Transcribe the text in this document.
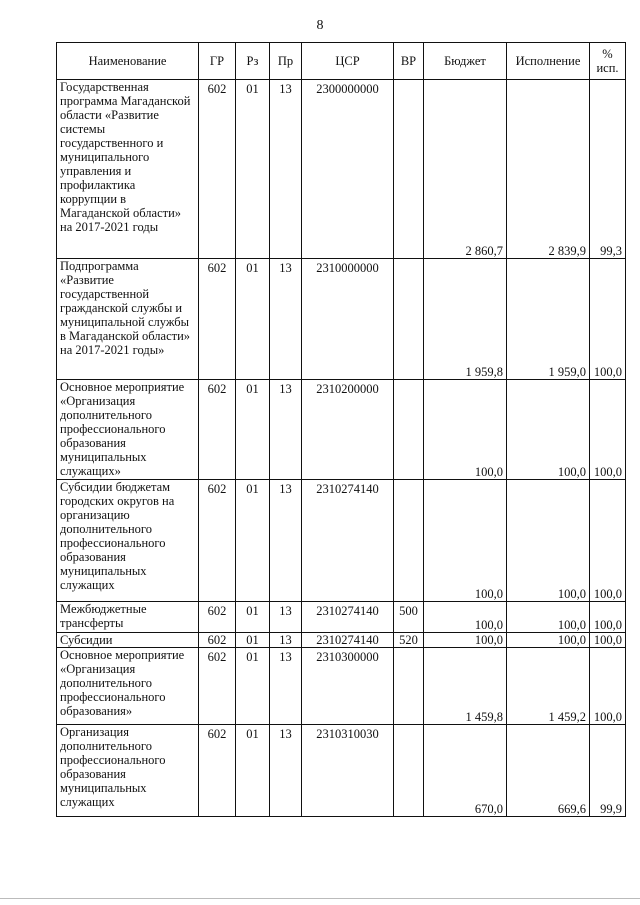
8
Наименование	ГР	Рз	Пр	ЦСР	ВР	Бюджет	Исполнение	% исп.
Государственная программа Магаданской области «Развитие системы государственного и муниципального управления и профилактика коррупции в Магаданской области» на 2017-2021 годы	602	01	13	2300000000		2 860,7	2 839,9	99,3
Подпрограмма «Развитие государственной гражданской службы и муниципальной службы в Магаданской области» на 2017-2021 годы»	602	01	13	2310000000		1 959,8	1 959,0	100,0
Основное мероприятие «Организация дополнительного профессионального образования муниципальных служащих»	602	01	13	2310200000		100,0	100,0	100,0
Субсидии бюджетам городских округов на организацию дополнительного профессионального образования муниципальных служащих	602	01	13	2310274140		100,0	100,0	100,0
Межбюджетные трансферты	602	01	13	2310274140	500	100,0	100,0	100,0
Субсидии	602	01	13	2310274140	520	100,0	100,0	100,0
Основное мероприятие «Организация дополнительного профессионального образования»	602	01	13	2310300000		1 459,8	1 459,2	100,0
Организация дополнительного профессионального образования муниципальных служащих	602	01	13	2310310030		670,0	669,6	99,9
